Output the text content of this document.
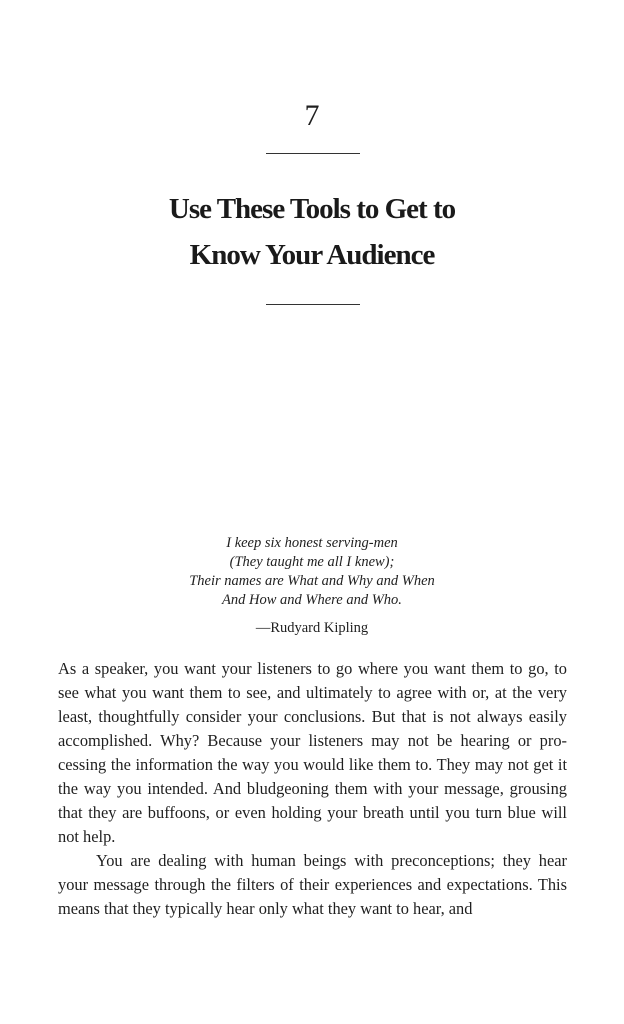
7
Use These Tools to Get to
Know Your Audience
I keep six honest serving-men
(They taught me all I knew);
Their names are What and Why and When
And How and Where and Who.
—Rudyard Kipling

As a speaker, you want your listeners to go where you want them to go, to see what you want them to see, and ultimately to agree with or, at the very least, thoughtfully consider your conclusions. But that is not always easily accomplished. Why? Because your listeners may not be hearing or processing the information the way you would like them to. They may not get it the way you intended. And bludgeoning them with your message, grousing that they are buffoons, or even holding your breath until you turn blue will not help.

You are dealing with human beings with preconceptions; they hear your message through the filters of their experiences and expectations. This means that they typically hear only what they want to hear, and
